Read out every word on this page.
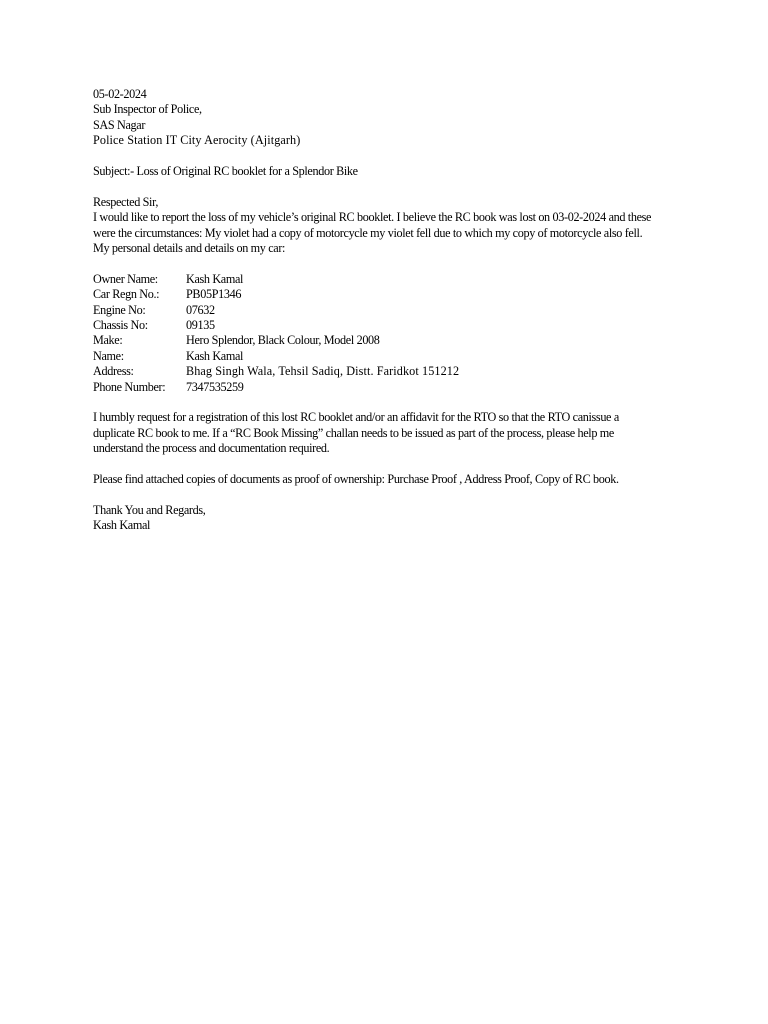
05-02-2024
Sub Inspector of Police,
SAS Nagar
Police Station IT City Aerocity (Ajitgarh)
Subject:- Loss of Original RC booklet for a Splendor Bike
Respected Sir,
I would like to report the loss of my vehicle’s original RC booklet. I believe the RC book was lost on 03-02-2024 and these were the circumstances: My violet had a copy of motorcycle my violet fell due to which my copy of motorcycle also fell.
My personal details and details on my car:
Owner Name:	Kash Kamal
Car Regn No.:	PB05P1346
Engine No:	07632
Chassis No:	09135
Make:	Hero Splendor, Black Colour, Model 2008
Name:	Kash Kamal
Address:	Bhag Singh Wala, Tehsil Sadiq, Distt. Faridkot 151212
Phone Number:	7347535259
I humbly request for a registration of this lost RC booklet and/or an affidavit for the RTO so that the RTO canissue a duplicate RC book to me. If a “RC Book Missing” challan needs to be issued as part of the process, please help me understand the process and documentation required.
Please find attached copies of documents as proof of ownership: Purchase Proof , Address Proof, Copy of RC book.
Thank You and Regards,
Kash Kamal
